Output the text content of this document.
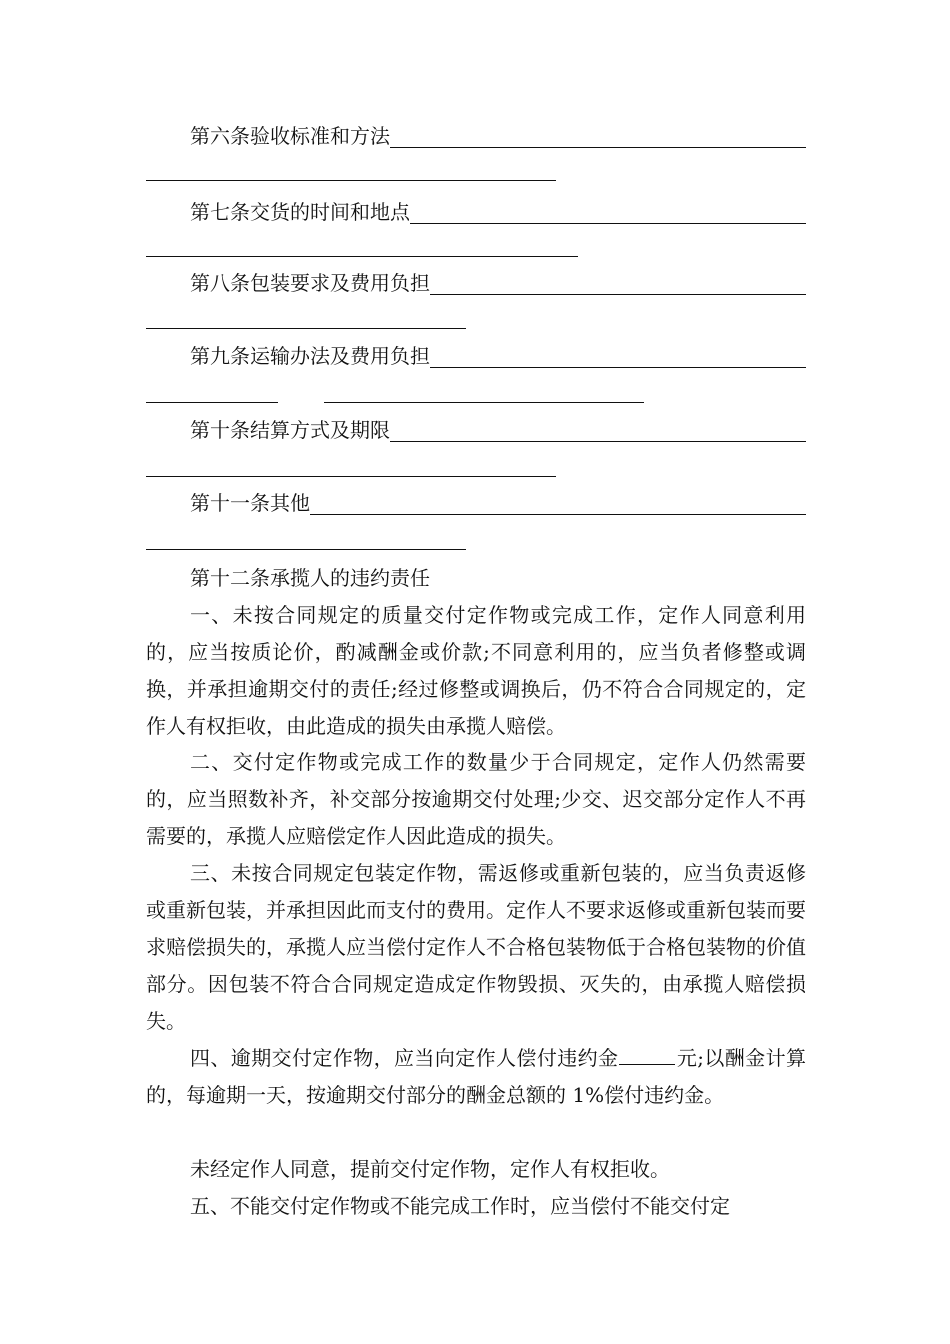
第六条验收标准和方法
第七条交货的时间和地点
第八条包装要求及费用负担
第九条运输办法及费用负担
第十条结算方式及期限
第十一条其他
第十二条承揽人的违约责任
一、未按合同规定的质量交付定作物或完成工作，定作人同意利用的，应当按质论价，酌减酬金或价款;不同意利用的，应当负者修整或调换，并承担逾期交付的责任;经过修整或调换后，仍不符合合同规定的，定作人有权拒收，由此造成的损失由承揽人赔偿。
二、交付定作物或完成工作的数量少于合同规定，定作人仍然需要的，应当照数补齐，补交部分按逾期交付处理;少交、迟交部分定作人不再需要的，承揽人应赔偿定作人因此造成的损失。
三、未按合同规定包装定作物，需返修或重新包装的，应当负责返修或重新包装，并承担因此而支付的费用。定作人不要求返修或重新包装而要求赔偿损失的，承揽人应当偿付定作人不合格包装物低于合格包装物的价值部分。因包装不符合合同规定造成定作物毁损、灭失的，由承揽人赔偿损失。
四、逾期交付定作物，应当向定作人偿付违约金	元;以酬金计算的，每逾期一天，按逾期交付部分的酬金总额的 1%偿付违约金。
未经定作人同意，提前交付定作物，定作人有权拒收。
五、不能交付定作物或不能完成工作时，应当偿付不能交付定
